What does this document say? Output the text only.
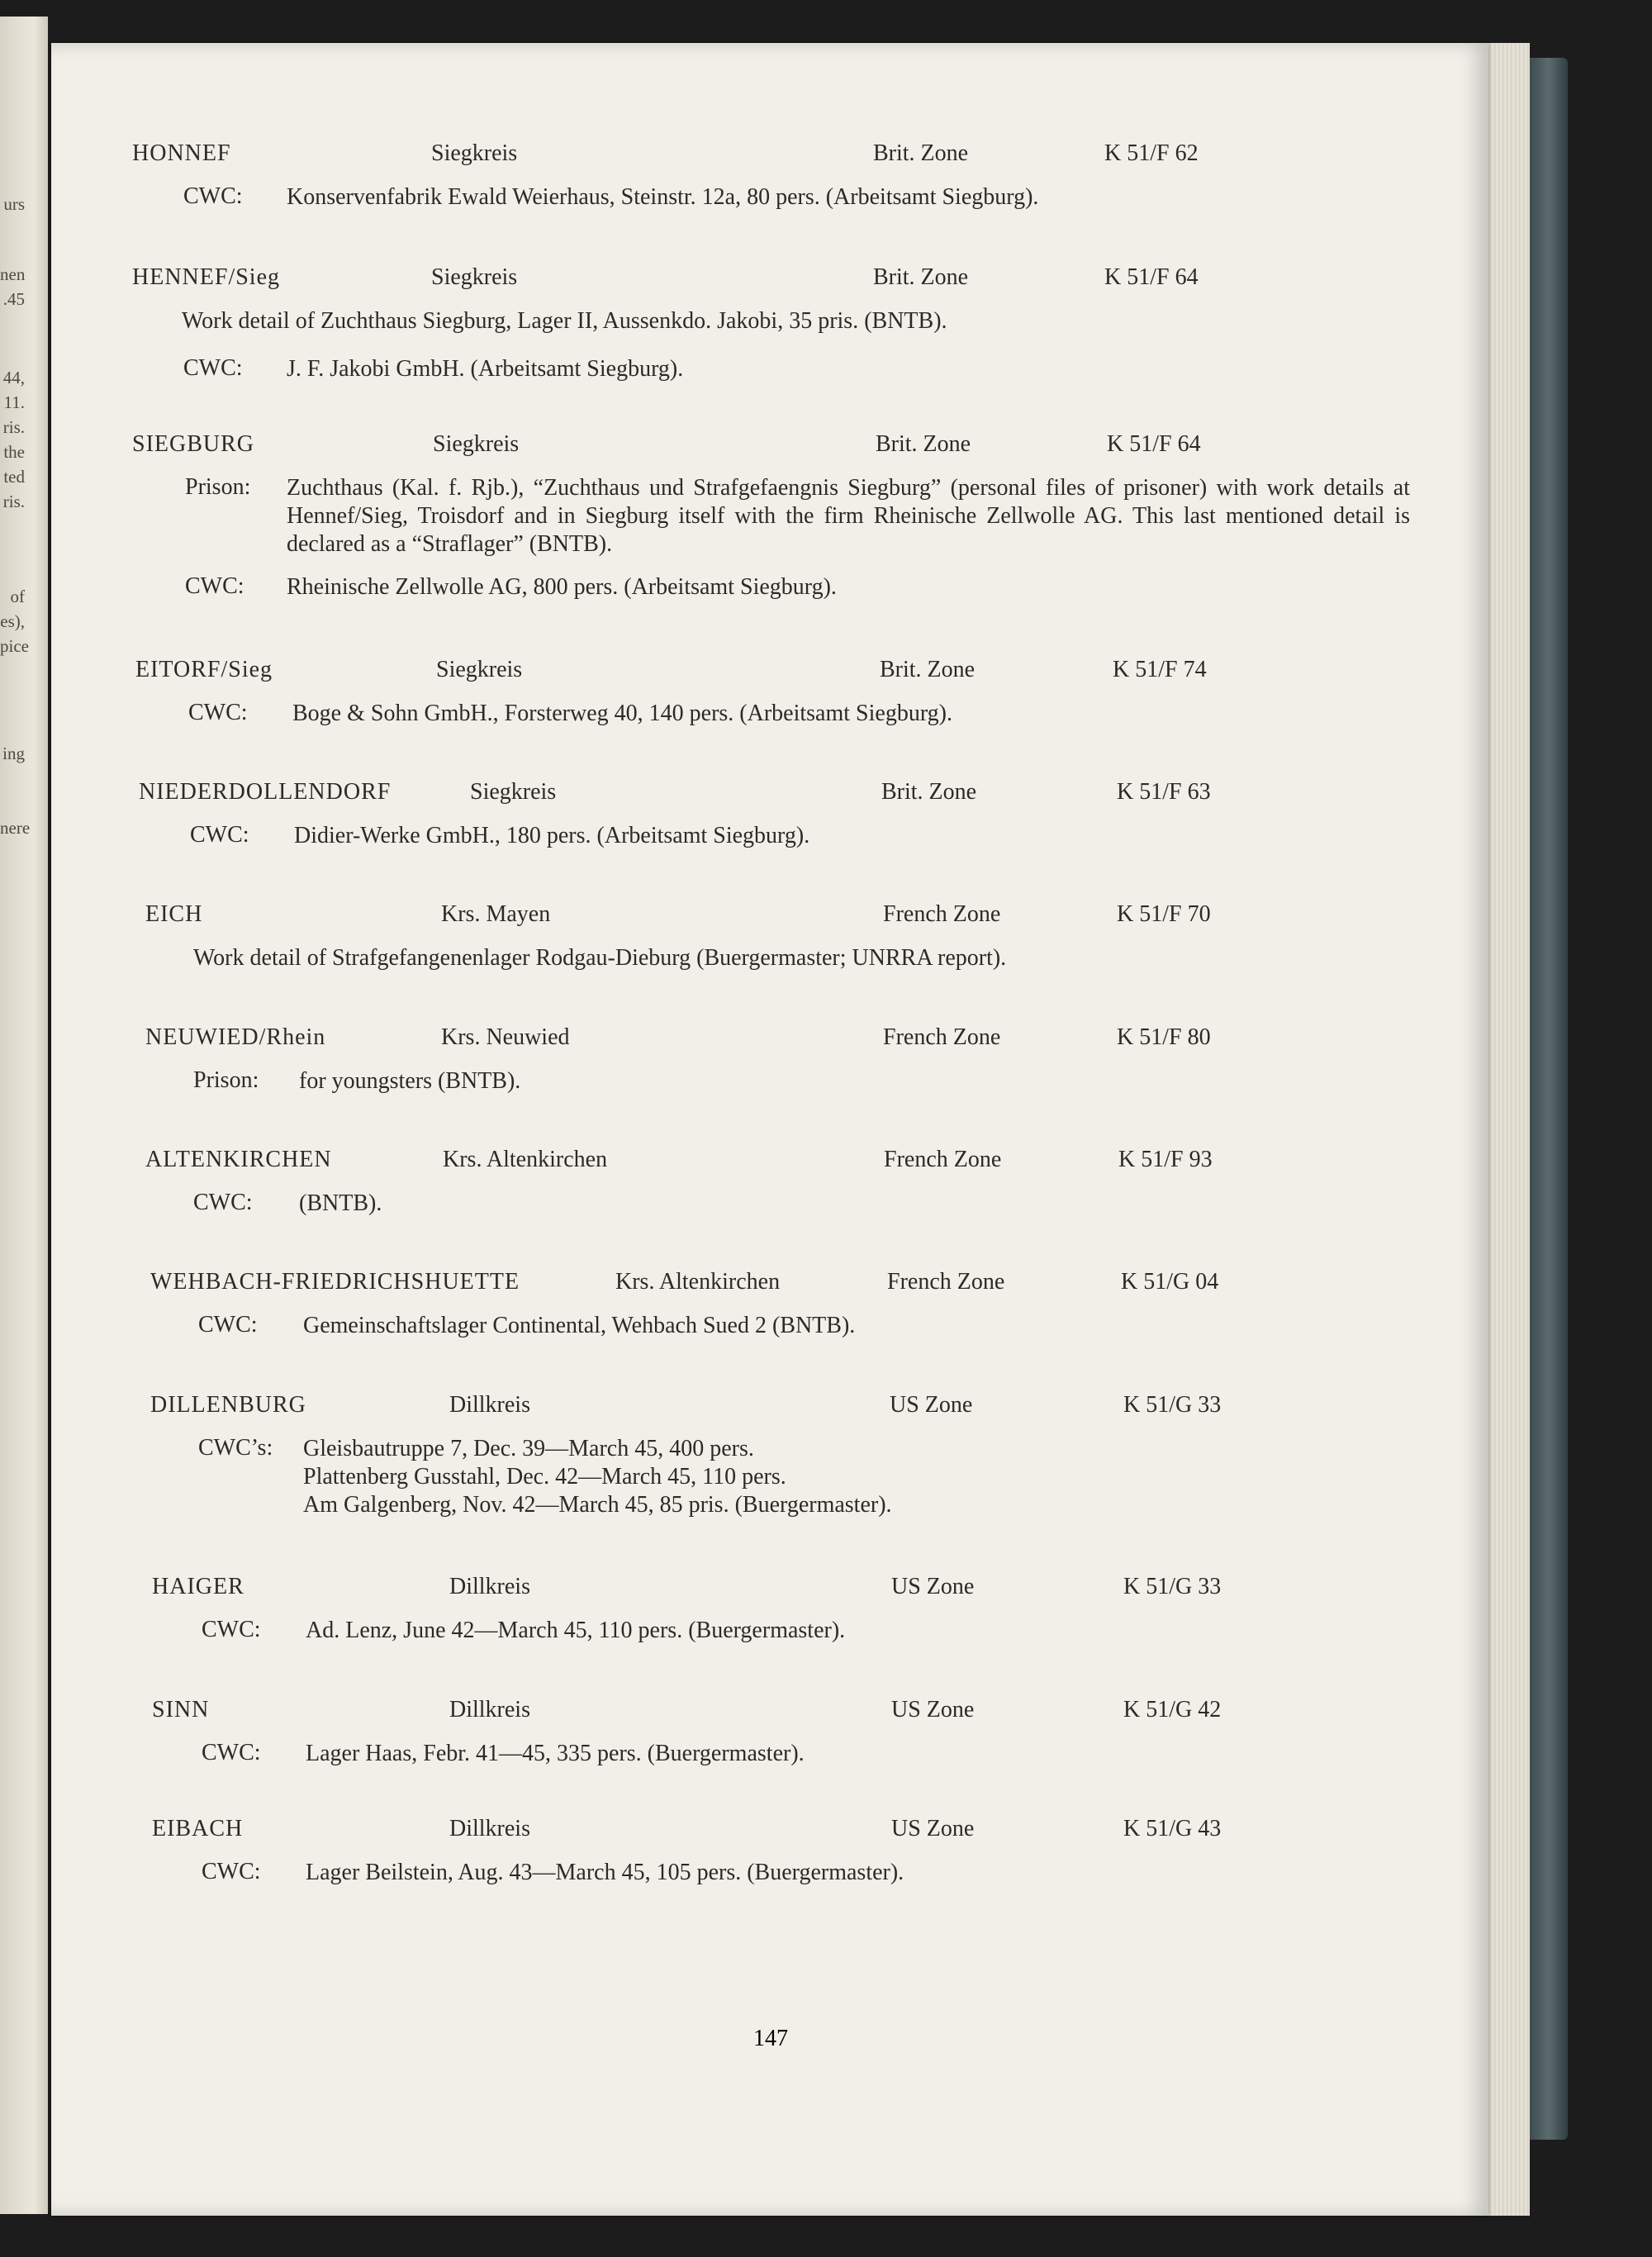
urs
nen
.45
44,
11.
ris.
the
ted
ris.
of
es),
pice
ing
nere
HONNEF	Siegkreis	Brit. Zone	K 51/F 62
CWC: Konservenfabrik Ewald Weierhaus, Steinstr. 12a, 80 pers. (Arbeitsamt Siegburg).
HENNEF/Sieg	Siegkreis	Brit. Zone	K 51/F 64
Work detail of Zuchthaus Siegburg, Lager II, Aussenkdo. Jakobi, 35 pris. (BNTB).
CWC: J. F. Jakobi GmbH. (Arbeitsamt Siegburg).
SIEGBURG	Siegkreis	Brit. Zone	K 51/F 64
Prison: Zuchthaus (Kal. f. Rjb.), “Zuchthaus und Strafgefaengnis Siegburg” (personal files of prisoner) with work details at Hennef/Sieg, Troisdorf and in Siegburg itself with the firm Rheinische Zellwolle AG. This last mentioned detail is declared as a “Straflager” (BNTB).
CWC: Rheinische Zellwolle AG, 800 pers. (Arbeitsamt Siegburg).
EITORF/Sieg	Siegkreis	Brit. Zone	K 51/F 74
CWC: Boge & Sohn GmbH., Forsterweg 40, 140 pers. (Arbeitsamt Siegburg).
NIEDERDOLLENDORF	Siegkreis	Brit. Zone	K 51/F 63
CWC: Didier-Werke GmbH., 180 pers. (Arbeitsamt Siegburg).
EICH	Krs. Mayen	French Zone	K 51/F 70
Work detail of Strafgefangenenlager Rodgau-Dieburg (Buergermaster; UNRRA report).
NEUWIED/Rhein	Krs. Neuwied	French Zone	K 51/F 80
Prison: for youngsters (BNTB).
ALTENKIRCHEN	Krs. Altenkirchen	French Zone	K 51/F 93
CWC: (BNTB).
WEHBACH-FRIEDRICHSHUETTE	Krs. Altenkirchen	French Zone	K 51/G 04
CWC: Gemeinschaftslager Continental, Wehbach Sued 2 (BNTB).
DILLENBURG	Dillkreis	US Zone	K 51/G 33
CWC’s: Gleisbautruppe 7, Dec. 39—March 45, 400 pers.
Plattenberg Gusstahl, Dec. 42—March 45, 110 pers.
Am Galgenberg, Nov. 42—March 45, 85 pris. (Buergermaster).
HAIGER	Dillkreis	US Zone	K 51/G 33
CWC: Ad. Lenz, June 42—March 45, 110 pers. (Buergermaster).
SINN	Dillkreis	US Zone	K 51/G 42
CWC: Lager Haas, Febr. 41—45, 335 pers. (Buergermaster).
EIBACH	Dillkreis	US Zone	K 51/G 43
CWC: Lager Beilstein, Aug. 43—March 45, 105 pers. (Buergermaster).
147
